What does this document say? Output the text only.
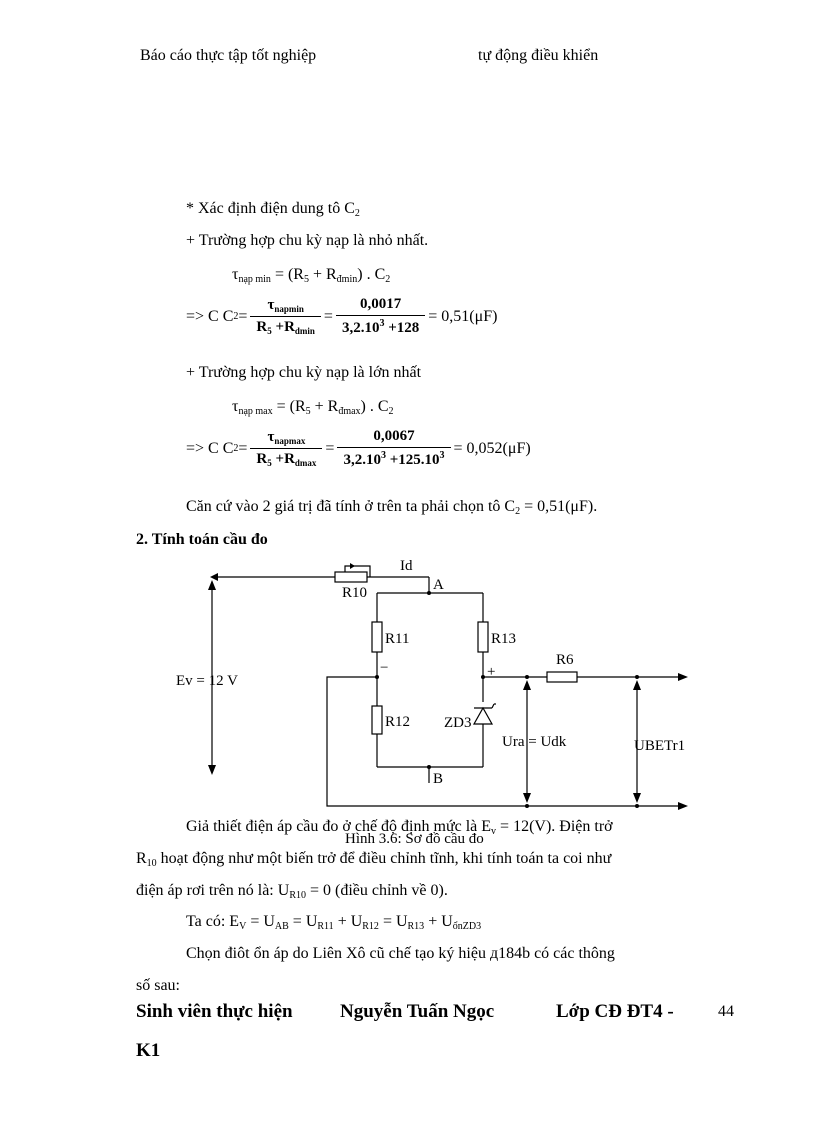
Báo cáo thực tập tốt nghiệp	tự động điều khiển
* Xác định điện dung tô $C_2$
+ Trường hợp chu kỳ nạp là nhỏ nhất.
$\tau_{nạp min} = (R_5 + R_{đmin})$ . $C_2$
=> C C $2 = \frac{\tau_{napmin}}{R_5 +R_{dmin}} = \frac{0,0017}{3,2.10^3 +128} = 0,51(\mu F)$
+ Trường hợp chu kỳ nạp là lớn nhất
$\tau_{nạp max} = (R_5 + R_{đmax})$ . $C_2$
=> C C $2 = \frac{\tau_{napmax}}{R_5 +R_{dmax}} = \frac{0,0067}{3,2.10^3 +125.10^3} = 0,052(\mu F)$
Căn cứ vào 2 giá trị đã tính ở trên ta phải chọn tô $C_2 = 0,51(\mu F)$.
2. Tính toán cầu đo
Ev = 12 V
Id
R10	A
B
R11
R12
R13
R6
ZD3
−	+
Ura = Udk	UBETr1
Hình 3.6: Sơ đồ cầu đo
Giả thiết điện áp cầu đo ở chế độ định mức là $E_v = 12(V)$. Điện trở
$R_{10}$ hoạt động như một biến trở để điều chỉnh tĩnh, khi tính toán ta coi như
điện áp rơi trên nó là: $U_{R10} = 0$ (điều chỉnh về 0).
Ta có: $E_V = U_{AB} = U_{R11} + U_{R12} = U_{R13} + U_{ổnZD3}$
Chọn điôt ổn áp do Liên Xô cũ chế tạo ký hiệu д184b có các thông
số sau:
Sinh viên thực hiện Nguyễn Tuấn Ngọc	Lớp CĐ ĐT4 -	44
K1
